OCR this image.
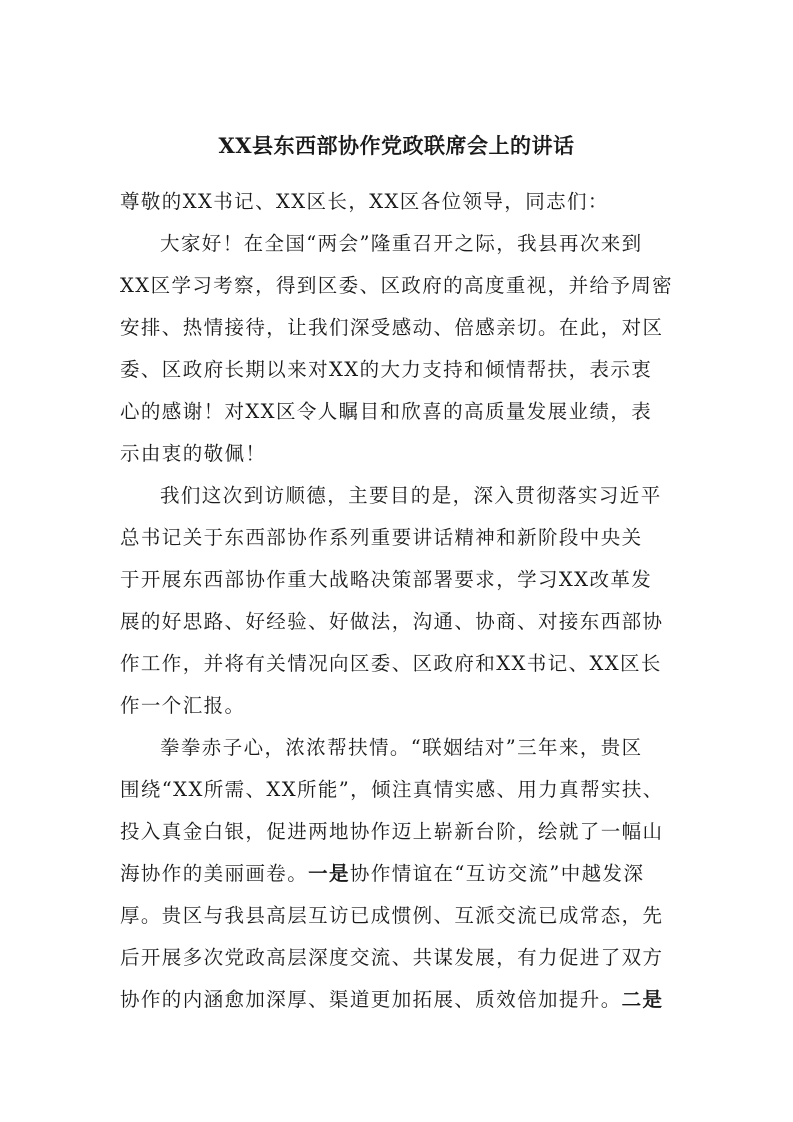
XX县东西部协作党政联席会上的讲话

尊敬的XX书记、XX区长，XX区各位领导，同志们：

大家好！在全国“两会”隆重召开之际，我县再次来到

XX区学习考察，得到区委、区政府的高度重视，并给予周密

安排、热情接待，让我们深受感动、倍感亲切。在此，对区

委、区政府长期以来对XX的大力支持和倾情帮扶，表示衷

心的感谢！对XX区令人瞩目和欣喜的高质量发展业绩，表

示由衷的敬佩！

我们这次到访顺德，主要目的是，深入贯彻落实习近平

总书记关于东西部协作系列重要讲话精神和新阶段中央关

于开展东西部协作重大战略决策部署要求，学习XX改革发

展的好思路、好经验、好做法，沟通、协商、对接东西部协

作工作，并将有关情况向区委、区政府和XX书记、XX区长

作一个汇报。

拳拳赤子心，浓浓帮扶情。“联姻结对”三年来，贵区

围绕“XX所需、XX所能”，倾注真情实感、用力真帮实扶、

投入真金白银，促进两地协作迈上崭新台阶，绘就了一幅山

海协作的美丽画卷。一是协作情谊在“互访交流”中越发深

厚。贵区与我县高层互访已成惯例、互派交流已成常态，先

后开展多次党政高层深度交流、共谋发展，有力促进了双方

协作的内涵愈加深厚、渠道更加拓展、质效倍加提升。二是
